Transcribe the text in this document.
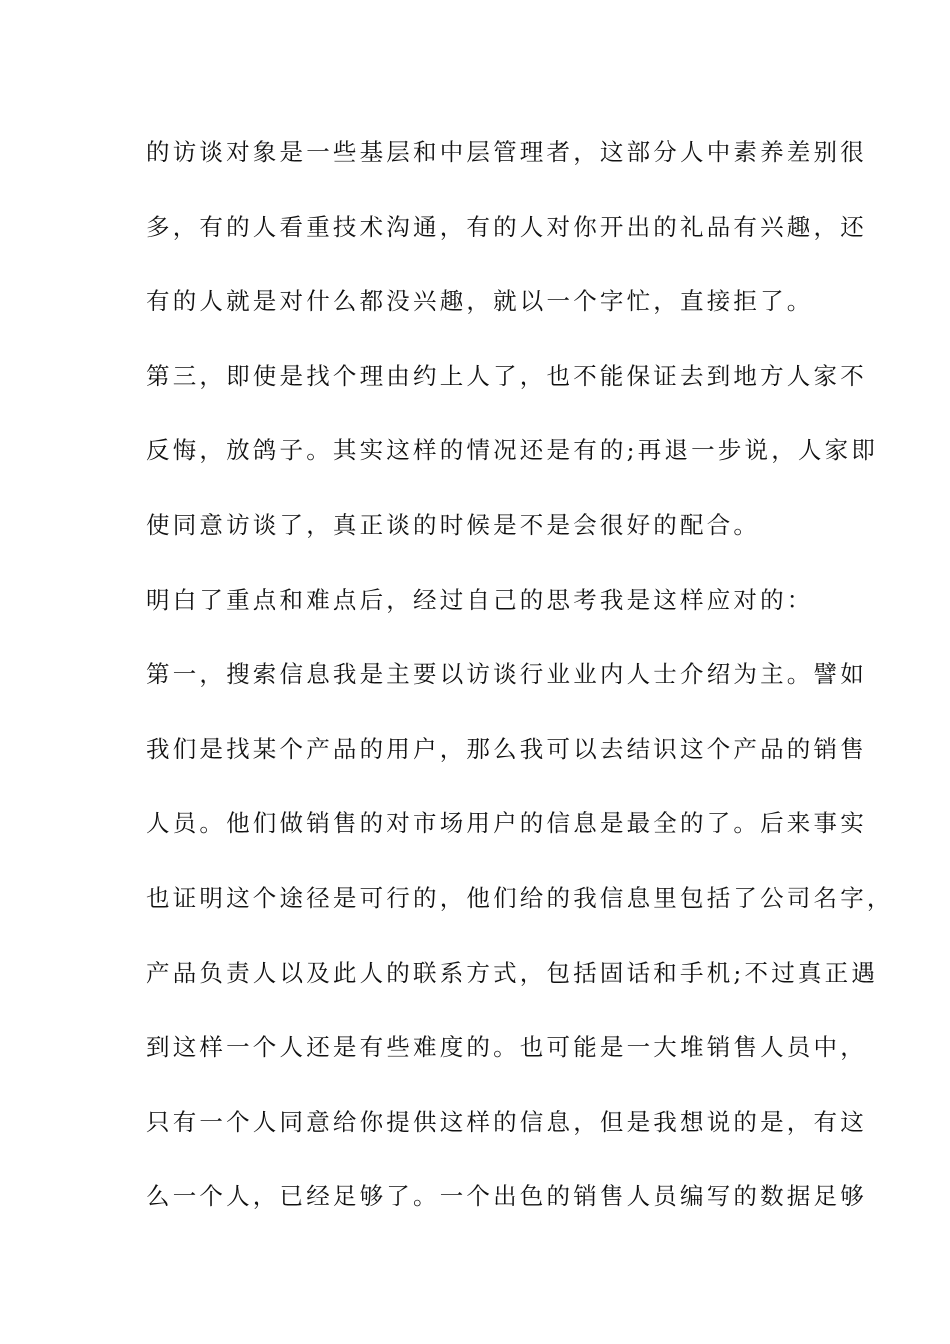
的访谈对象是一些基层和中层管理者，这部分人中素养差别很
多，有的人看重技术沟通，有的人对你开出的礼品有兴趣，还
有的人就是对什么都没兴趣，就以一个字忙，直接拒了。
第三，即使是找个理由约上人了，也不能保证去到地方人家不
反悔，放鸽子。其实这样的情况还是有的;再退一步说，人家即
使同意访谈了，真正谈的时候是不是会很好的配合。
明白了重点和难点后，经过自己的思考我是这样应对的：
第一，搜索信息我是主要以访谈行业业内人士介绍为主。譬如
我们是找某个产品的用户，那么我可以去结识这个产品的销售
人员。他们做销售的对市场用户的信息是最全的了。后来事实
也证明这个途径是可行的，他们给的我信息里包括了公司名字，
产品负责人以及此人的联系方式，包括固话和手机;不过真正遇
到这样一个人还是有些难度的。也可能是一大堆销售人员中，
只有一个人同意给你提供这样的信息，但是我想说的是，有这
么一个人，已经足够了。一个出色的销售人员编写的数据足够
